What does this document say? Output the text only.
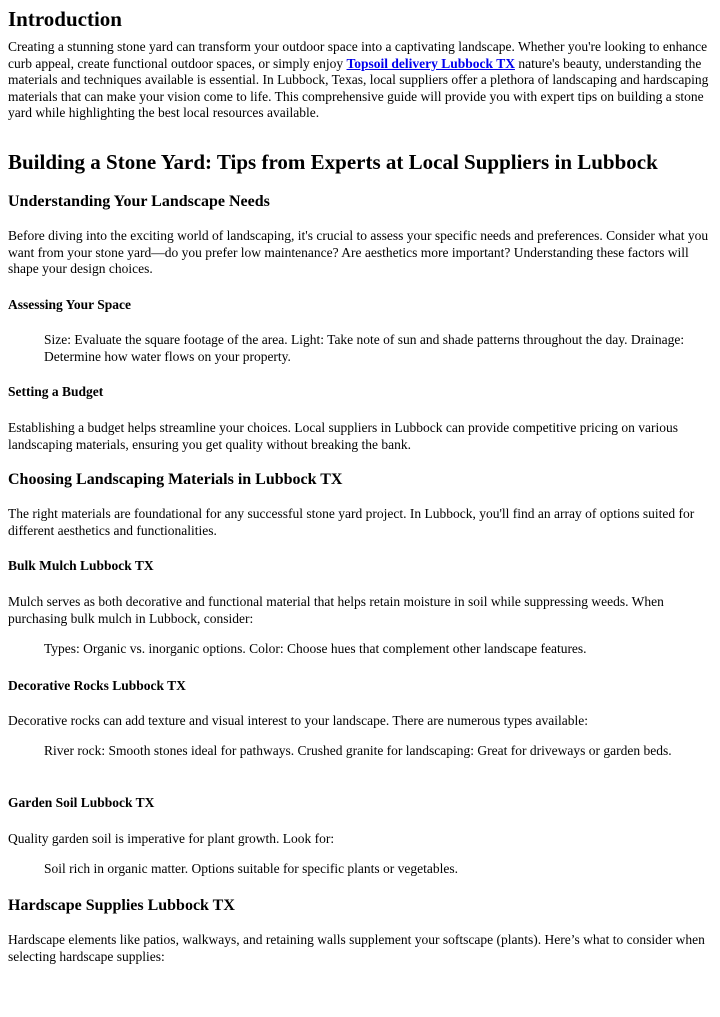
Introduction

Creating a stunning stone yard can transform your outdoor space into a captivating landscape. Whether you're looking to enhance curb appeal, create functional outdoor spaces, or simply enjoy Topsoil delivery Lubbock TX nature's beauty, understanding the materials and techniques available is essential. In Lubbock, Texas, local suppliers offer a plethora of landscaping and hardscaping materials that can make your vision come to life. This comprehensive guide will provide you with expert tips on building a stone yard while highlighting the best local resources available.

Building a Stone Yard: Tips from Experts at Local Suppliers in Lubbock
Understanding Your Landscape Needs

Before diving into the exciting world of landscaping, it's crucial to assess your specific needs and preferences. Consider what you want from your stone yard—do you prefer low maintenance? Are aesthetics more important? Understanding these factors will shape your design choices.

Assessing Your Space

Size: Evaluate the square footage of the area. Light: Take note of sun and shade patterns throughout the day. Drainage: Determine how water flows on your property.

Setting a Budget

Establishing a budget helps streamline your choices. Local suppliers in Lubbock can provide competitive pricing on various landscaping materials, ensuring you get quality without breaking the bank.

Choosing Landscaping Materials in Lubbock TX

The right materials are foundational for any successful stone yard project. In Lubbock, you'll find an array of options suited for different aesthetics and functionalities.

Bulk Mulch Lubbock TX

Mulch serves as both decorative and functional material that helps retain moisture in soil while suppressing weeds. When purchasing bulk mulch in Lubbock, consider:

Types: Organic vs. inorganic options. Color: Choose hues that complement other landscape features.

Decorative Rocks Lubbock TX

Decorative rocks can add texture and visual interest to your landscape. There are numerous types available:

River rock: Smooth stones ideal for pathways. Crushed granite for landscaping: Great for driveways or garden beds.

Garden Soil Lubbock TX

Quality garden soil is imperative for plant growth. Look for:

Soil rich in organic matter. Options suitable for specific plants or vegetables.

Hardscape Supplies Lubbock TX

Hardscape elements like patios, walkways, and retaining walls supplement your softscape (plants). Here’s what to consider when selecting hardscape supplies:
